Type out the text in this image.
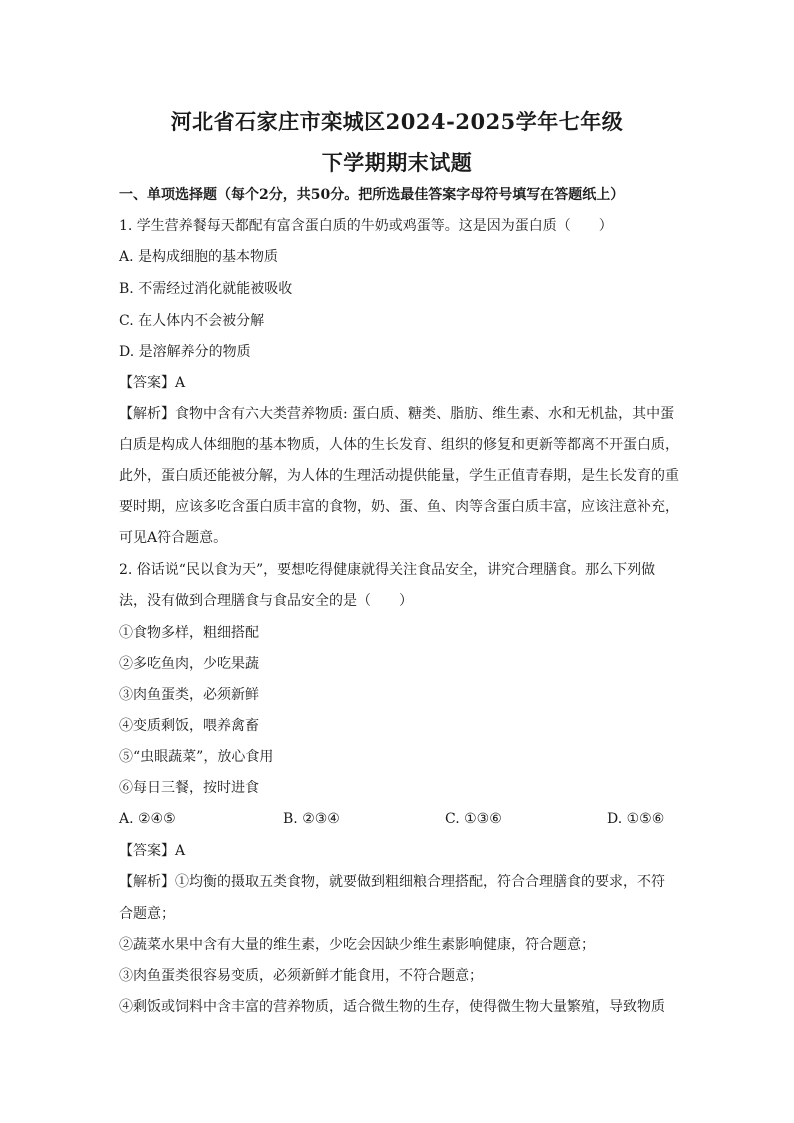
河北省石家庄市栾城区2024-2025学年七年级
下学期期末试题
一、单项选择题（每个2分，共50分。把所选最佳答案字母符号填写在答题纸上）
1. 学生营养餐每天都配有富含蛋白质的牛奶或鸡蛋等。这是因为蛋白质（　　）
A. 是构成细胞的基本物质
B. 不需经过消化就能被吸收
C. 在人体内不会被分解
D. 是溶解养分的物质
【答案】A
【解析】食物中含有六大类营养物质: 蛋白质、糖类、脂肪、维生素、水和无机盐，其中蛋
白质是构成人体细胞的基本物质，人体的生长发育、组织的修复和更新等都离不开蛋白质，
此外，蛋白质还能被分解，为人体的生理活动提供能量，学生正值青春期，是生长发育的重
要时期，应该多吃含蛋白质丰富的食物，奶、蛋、鱼、肉等含蛋白质丰富，应该注意补充，
可见A符合题意。
2. 俗话说“民以食为天”，要想吃得健康就得关注食品安全，讲究合理膳食。那么下列做
法，没有做到合理膳食与食品安全的是（　　）
①食物多样，粗细搭配
②多吃鱼肉，少吃果蔬
③肉鱼蛋类，必须新鲜
④变质剩饭，喂养禽畜
⑤“虫眼蔬菜”，放心食用
⑥每日三餐，按时进食
A. ②④⑤	B. ②③④	C. ①③⑥	D. ①⑤⑥
【答案】A
【解析】①均衡的摄取五类食物，就要做到粗细粮合理搭配，符合合理膳食的要求，不符
合题意；
②蔬菜水果中含有大量的维生素，少吃会因缺少维生素影响健康，符合题意；
③肉鱼蛋类很容易变质，必须新鲜才能食用，不符合题意；
④剩饭或饲料中含丰富的营养物质，适合微生物的生存，使得微生物大量繁殖，导致物质
